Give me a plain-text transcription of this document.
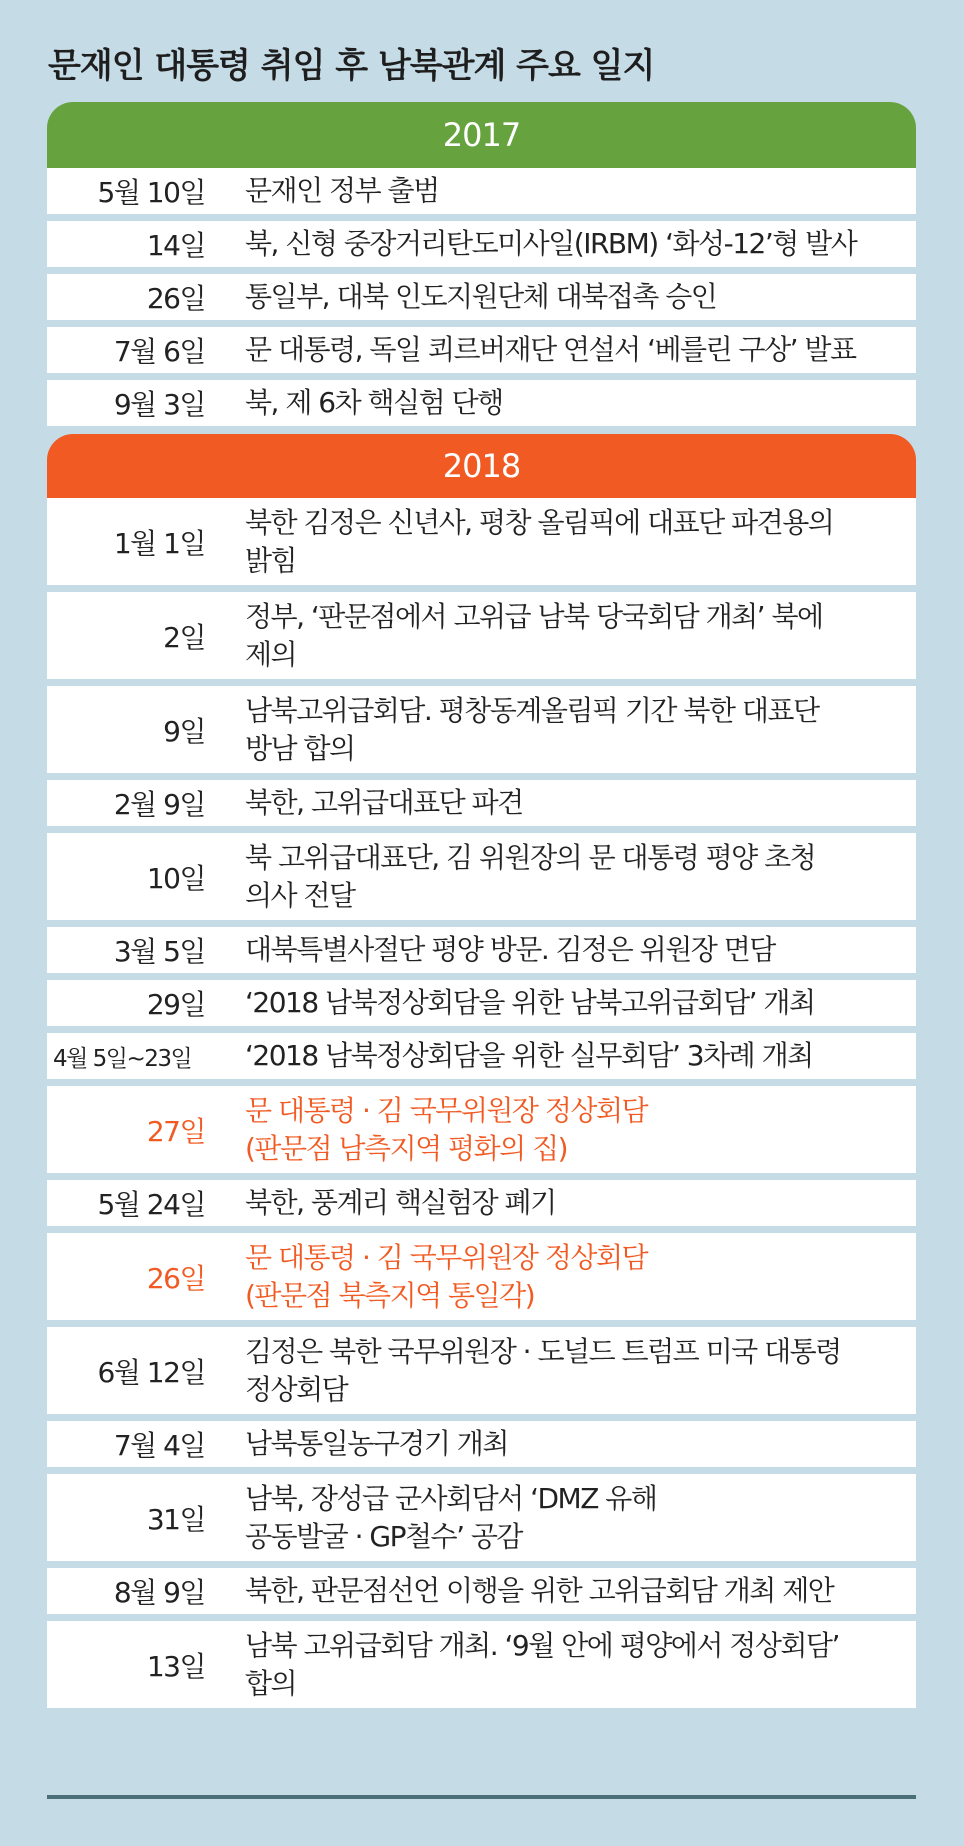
문재인 대통령 취임 후 남북관계 주요 일지
2017
5월 10일 문재인 정부 출범
14일 북, 신형 중장거리탄도미사일(IRBM) ‘화성-12’형 발사
26일 통일부, 대북 인도지원단체 대북접촉 승인
7월 6일 문 대통령, 독일 쾨르버재단 연설서 ‘베를린 구상’ 발표
9월 3일 북, 제 6차 핵실험 단행
2018
1월 1일
북한 김정은 신년사, 평창 올림픽에 대표단 파견용의
밝힘
2일
정부, ‘판문점에서 고위급 남북 당국회담 개최’ 북에
제의
9일
남북고위급회담. 평창동계올림픽 기간 북한 대표단
방남 합의
2월 9일 북한, 고위급대표단 파견
10일
북 고위급대표단, 김 위원장의 문 대통령 평양 초청
의사 전달
3월 5일 대북특별사절단 평양 방문. 김정은 위원장 면담
29일 ‘2018 남북정상회담을 위한 남북고위급회담’ 개최
4월 5일~23일	‘2018 남북정상회담을 위한 실무회담’ 3차례 개최
27일
문 대통령 · 김 국무위원장 정상회담
(판문점 남측지역 평화의 집)
5월 24일 북한, 풍계리 핵실험장 폐기
26일
문 대통령 · 김 국무위원장 정상회담
(판문점 북측지역 통일각)
6월 12일
김정은 북한 국무위원장 · 도널드 트럼프 미국 대통령
정상회담
7월 4일 남북통일농구경기 개최
31일
남북, 장성급 군사회담서 ‘DMZ 유해
공동발굴 · GP철수’ 공감
8월 9일 북한, 판문점선언 이행을 위한 고위급회담 개최 제안
13일
남북 고위급회담 개최. ‘9월 안에 평양에서 정상회담’
합의
